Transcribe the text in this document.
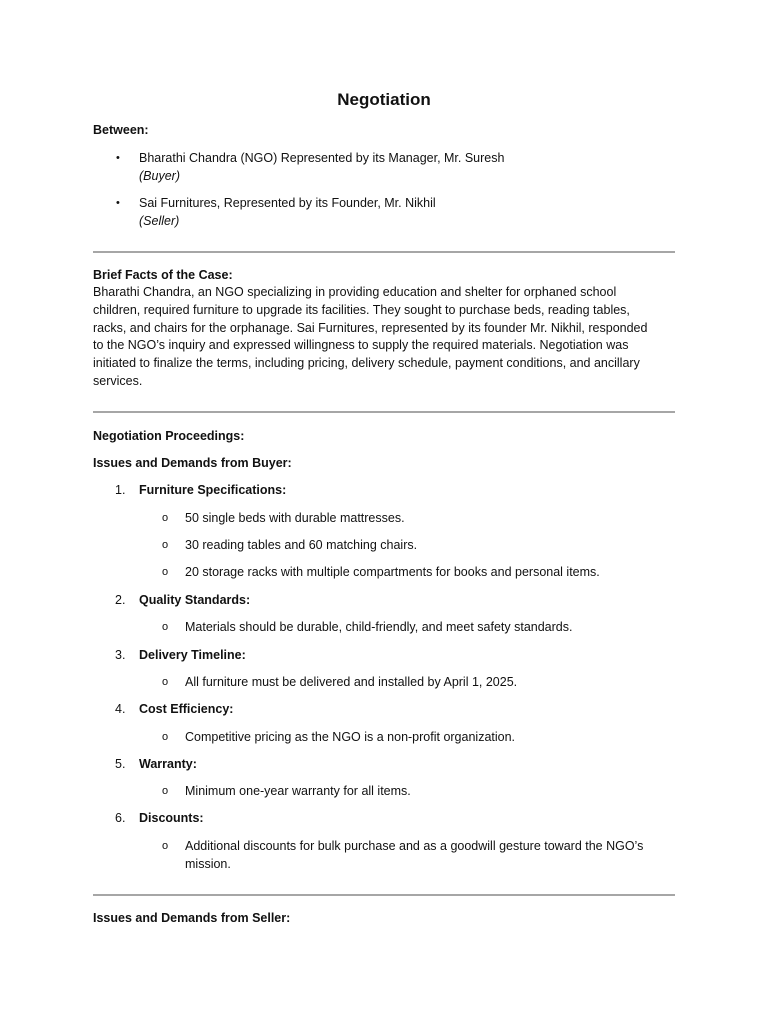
Negotiation
Between:
• Bharathi Chandra (NGO) Represented by its Manager, Mr. Suresh
(Buyer)
• Sai Furnitures, Represented by its Founder, Mr. Nikhil
(Seller)
Brief Facts of the Case:
Bharathi Chandra, an NGO specializing in providing education and shelter for orphaned school
children, required furniture to upgrade its facilities. They sought to purchase beds, reading tables,
racks, and chairs for the orphanage. Sai Furnitures, represented by its founder Mr. Nikhil, responded
to the NGO’s inquiry and expressed willingness to supply the required materials. Negotiation was
initiated to finalize the terms, including pricing, delivery schedule, payment conditions, and ancillary
services.
Negotiation Proceedings:
Issues and Demands from Buyer:
1. Furniture Specifications:
o 50 single beds with durable mattresses.
o 30 reading tables and 60 matching chairs.
o 20 storage racks with multiple compartments for books and personal items.
2. Quality Standards:
o Materials should be durable, child-friendly, and meet safety standards.
3. Delivery Timeline:
o All furniture must be delivered and installed by April 1, 2025.
4. Cost Efficiency:
o Competitive pricing as the NGO is a non-profit organization.
5. Warranty:
o Minimum one-year warranty for all items.
6. Discounts:
o Additional discounts for bulk purchase and as a goodwill gesture toward the NGO’s mission.
Issues and Demands from Seller:
